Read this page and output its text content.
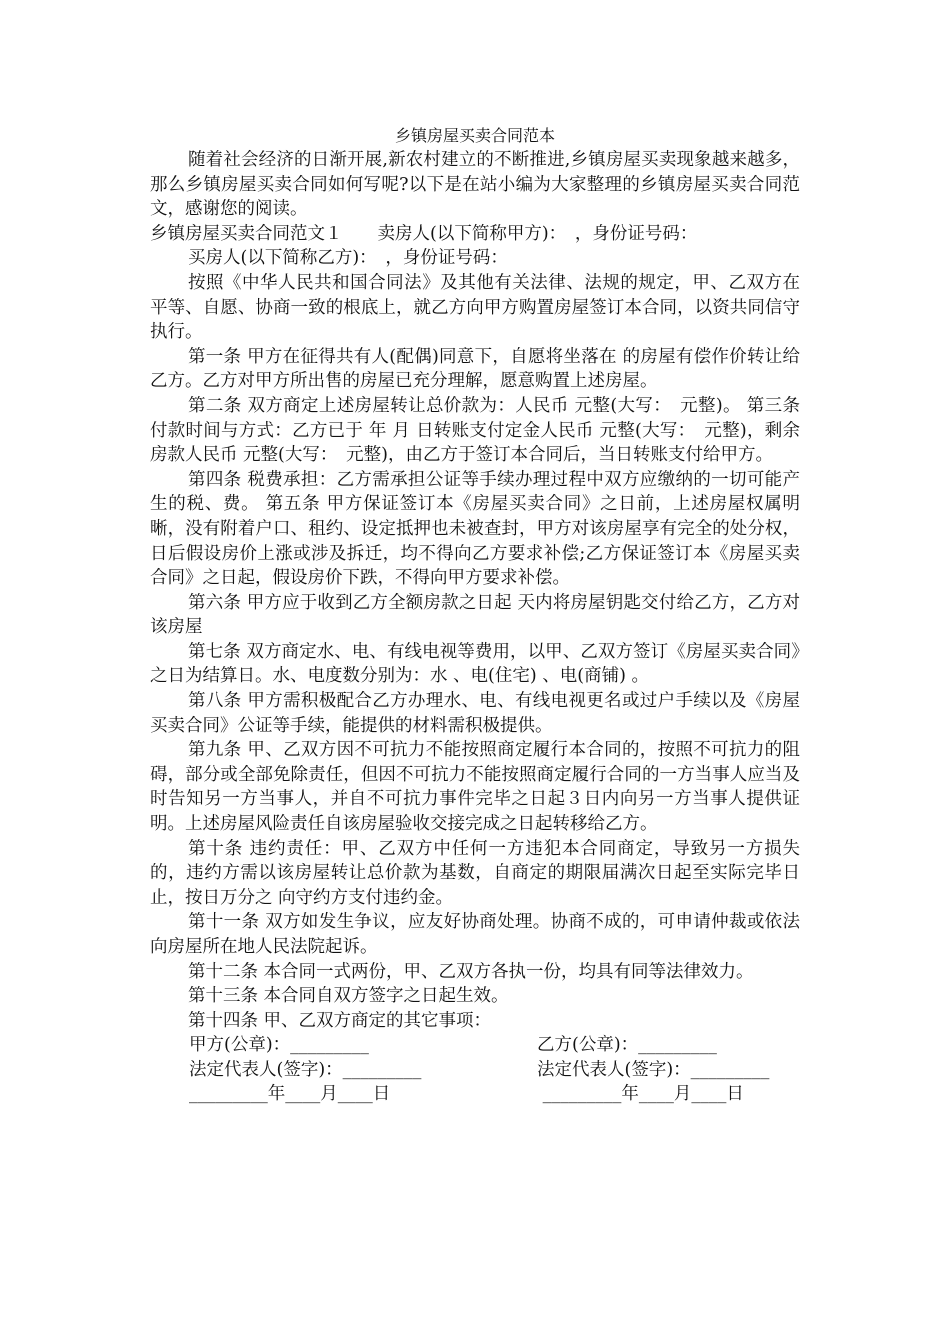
乡镇房屋买卖合同范本

随着社会经济的日渐开展,新农村建立的不断推进,乡镇房屋买卖现象越来越多，那么乡镇房屋买卖合同如何写呢?以下是在站小编为大家整理的乡镇房屋买卖合同范文，感谢您的阅读。

乡镇房屋买卖合同范文１　　卖房人(以下简称甲方)：　，身份证号码：

买房人(以下简称乙方)：　，身份证号码：

按照《中华人民共和国合同法》及其他有关法律、法规的规定，甲、乙双方在平等、自愿、协商一致的根底上，就乙方向甲方购置房屋签订本合同，以资共同信守执行。

第一条 甲方在征得共有人(配偶)同意下，自愿将坐落在 的房屋有偿作价转让给乙方。乙方对甲方所出售的房屋已充分理解，愿意购置上述房屋。

第二条 双方商定上述房屋转让总价款为：人民币 元整(大写：　元整)。 第三条 付款时间与方式：乙方已于 年 月 日转账支付定金人民币 元整(大写：　元整)，剩余房款人民币 元整(大写：　元整)，由乙方于签订本合同后，当日转账支付给甲方。

第四条 税费承担：乙方需承担公证等手续办理过程中双方应缴纳的一切可能产生的税、费。 第五条 甲方保证签订本《房屋买卖合同》之日前，上述房屋权属明晰，没有附着户口、租约、设定抵押也未被查封，甲方对该房屋享有完全的处分权，日后假设房价上涨或涉及拆迁，均不得向乙方要求补偿;乙方保证签订本《房屋买卖合同》之日起，假设房价下跌，不得向甲方要求补偿。

第六条 甲方应于收到乙方全额房款之日起 天内将房屋钥匙交付给乙方，乙方对该房屋

第七条 双方商定水、电、有线电视等费用，以甲、乙双方签订《房屋买卖合同》之日为结算日。水、电度数分别为：水 、电(住宅) 、电(商铺) 。

第八条 甲方需积极配合乙方办理水、电、有线电视更名或过户手续以及《房屋买卖合同》公证等手续，能提供的材料需积极提供。

第九条 甲、乙双方因不可抗力不能按照商定履行本合同的，按照不可抗力的阻碍，部分或全部免除责任，但因不可抗力不能按照商定履行合同的一方当事人应当及时告知另一方当事人，并自不可抗力事件完毕之日起３日内向另一方当事人提供证明。上述房屋风险责任自该房屋验收交接完成之日起转移给乙方。

第十条 违约责任：甲、乙双方中任何一方违犯本合同商定，导致另一方损失的，违约方需以该房屋转让总价款为基数，自商定的期限届满次日起至实际完毕日止，按日万分之 向守约方支付违约金。

第十一条 双方如发生争议，应友好协商处理。协商不成的，可申请仲裁或依法向房屋所在地人民法院起诉。

第十二条 本合同一式两份，甲、乙双方各执一份，均具有同等法律效力。

第十三条 本合同自双方签字之日起生效。

第十四条 甲、乙双方商定的其它事项：

甲方(公章)：_________	乙方(公章)：_________
法定代表人(签字)：_________	法定代表人(签字)：_________
_________年____月____日	_________年____月____日
